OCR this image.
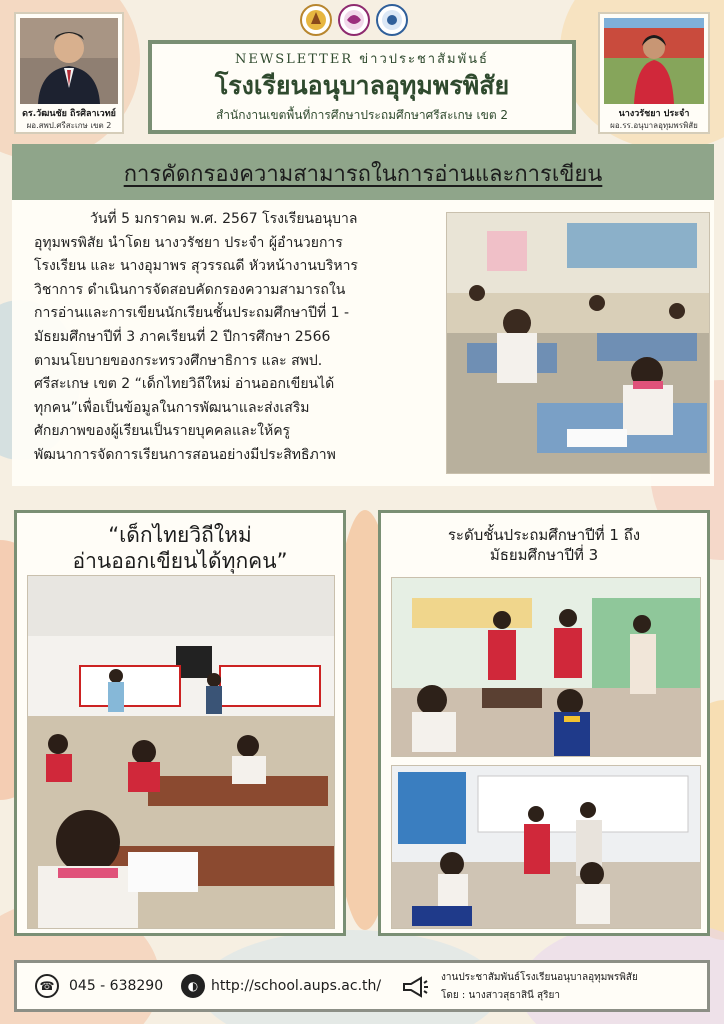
ดร.วัฒนชัย ถิรศิลาเวทย์
ผอ.สพป.ศรีสะเกษ เขต 2
NEWSLETTER ข่าวประชาสัมพันธ์
โรงเรียนอนุบาลอุทุมพรพิสัย
สำนักงานเขตพื้นที่การศึกษาประถมศึกษาศรีสะเกษ เขต 2	นางวรัชยา ประจำ
ผอ.รร.อนุบาลอุทุมพรพิสัย
การคัดกรองความสามารถในการอ่านและการเขียน
วันที่ 5 มกราคม พ.ศ. 2567 โรงเรียนอนุบาล
อุทุมพรพิสัย นำโดย นางวรัชยา ประจำ ผู้อำนวยการ
โรงเรียน และ นางอุมาพร สุวรรณดี หัวหน้างานบริหาร
วิชาการ ดำเนินการจัดสอบคัดกรองความสามารถใน
การอ่านและการเขียนนักเรียนชั้นประถมศึกษาปีที่ 1 -
มัธยมศึกษาปีที่ 3 ภาคเรียนที่ 2 ปีการศึกษา 2566
ตามนโยบายของกระทรวงศึกษาธิการ และ สพป.
ศรีสะเกษ เขต 2 “เด็กไทยวิถีใหม่ อ่านออกเขียนได้
ทุกคน”เพื่อเป็นข้อมูลในการพัฒนาและส่งเสริม
ศักยภาพของผู้เรียนเป็นรายบุคคลและให้ครู
พัฒนาการจัดการเรียนการสอนอย่างมีประสิทธิภาพ
“เด็กไทยวิถีใหม่
อ่านออกเขียนได้ทุกคน”
ระดับชั้นประถมศึกษาปีที่ 1 ถึง
มัธยมศึกษาปีที่ 3
☎	045 - 638290	◐ http://school.aups.ac.th/
งานประชาสัมพันธ์โรงเรียนอนุบาลอุทุมพรพิสัย
โดย : นางสาวสุธาสินี สุริยา
